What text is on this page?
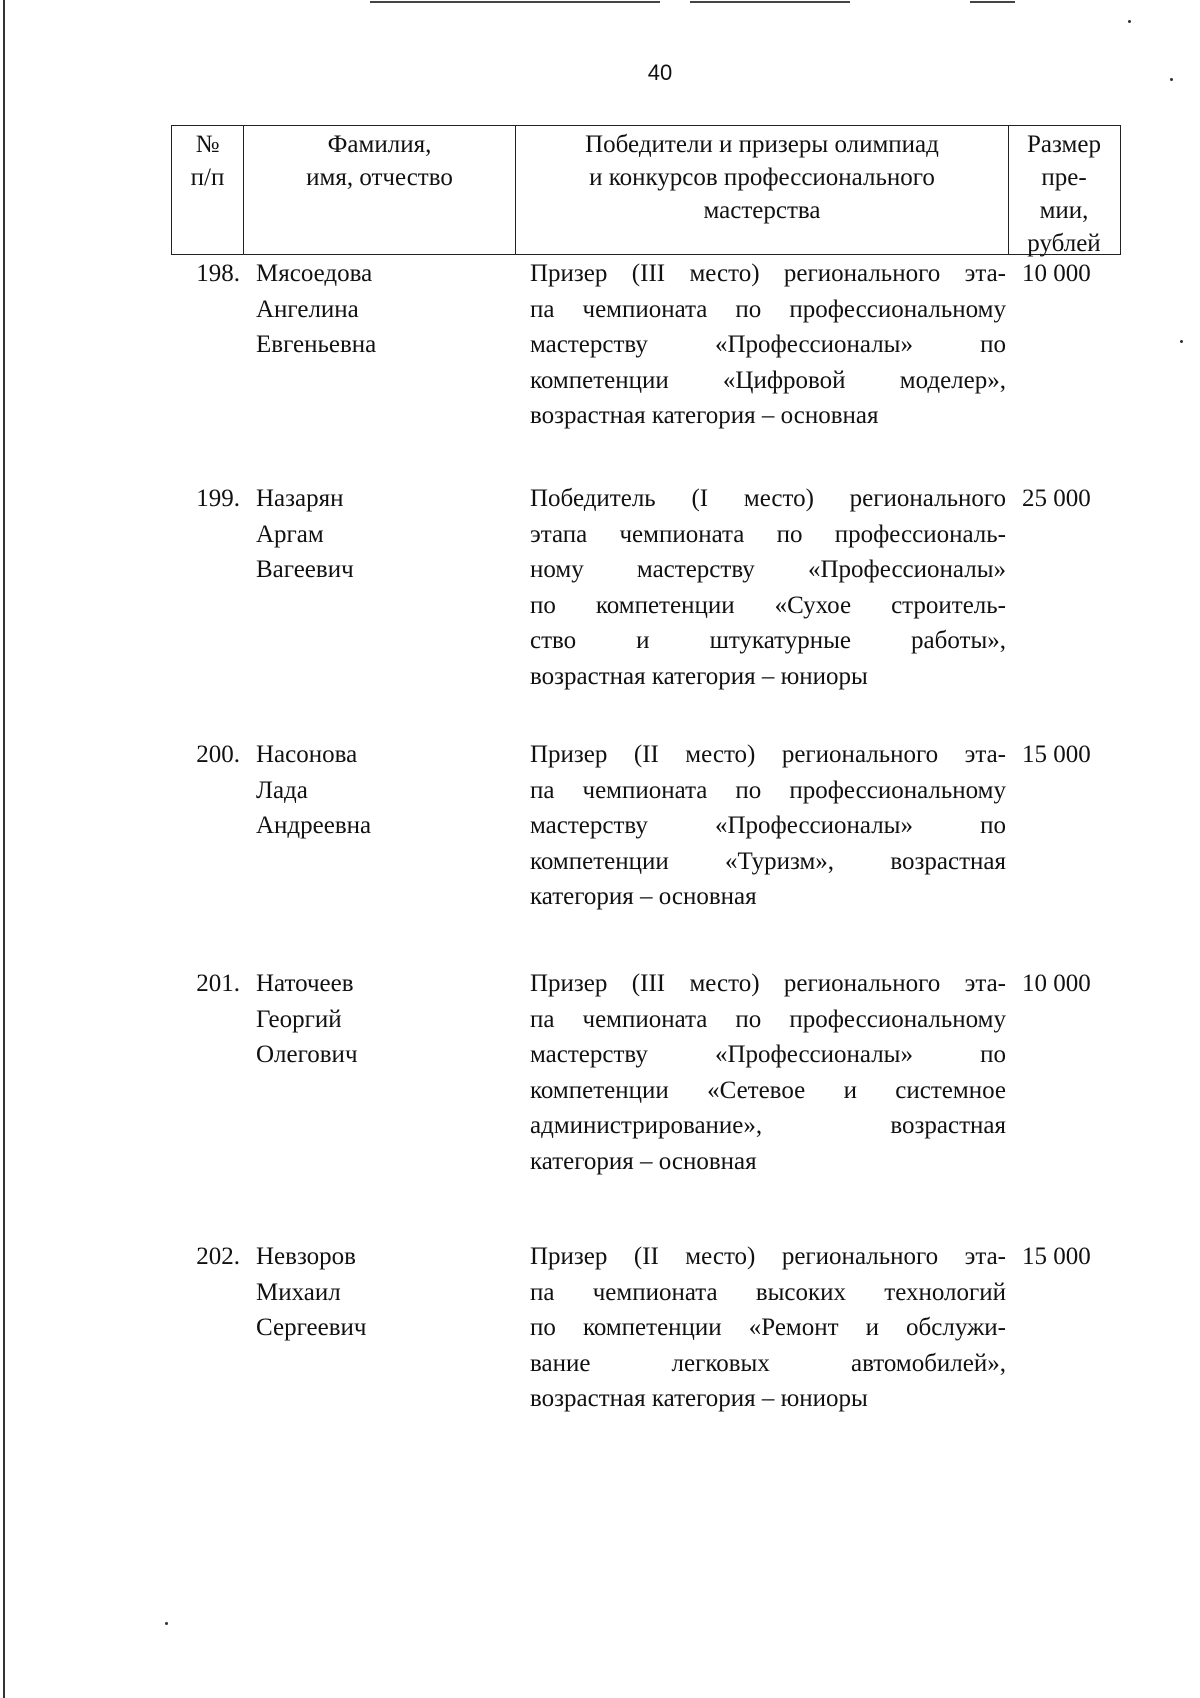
40
№
п/п
Фамилия,
имя, отчество
Победители и призеры олимпиад
и конкурсов профессионального
мастерства
Размер
пре-
мии,
рублей
198. Мясоедова
Ангелина
Евгеньевна
Призер (III место) регионального эта-
па чемпионата по профессиональному
мастерству «Профессионалы» по
компетенции «Цифровой моделер»,
возрастная категория – основная
10 000
199. Назарян
Аргам
Вагеевич
Победитель (I место) регионального
этапа чемпионата по профессиональ-
ному мастерству «Профессионалы»
по компетенции «Сухое строитель-
ство и штукатурные работы»,
возрастная категория – юниоры
25 000
200. Насонова
Лада
Андреевна
Призер (II место) регионального эта-
па чемпионата по профессиональному
мастерству «Профессионалы» по
компетенции «Туризм», возрастная
категория – основная
15 000
201. Наточеев
Георгий
Олегович
Призер (III место) регионального эта-
па чемпионата по профессиональному
мастерству «Профессионалы» по
компетенции «Сетевое и системное
администрирование», возрастная
категория – основная
10 000
202. Невзоров
Михаил
Сергеевич
Призер (II место) регионального эта-
па чемпионата высоких технологий
по компетенции «Ремонт и обслужи-
вание легковых автомобилей»,
возрастная категория – юниоры
15 000
